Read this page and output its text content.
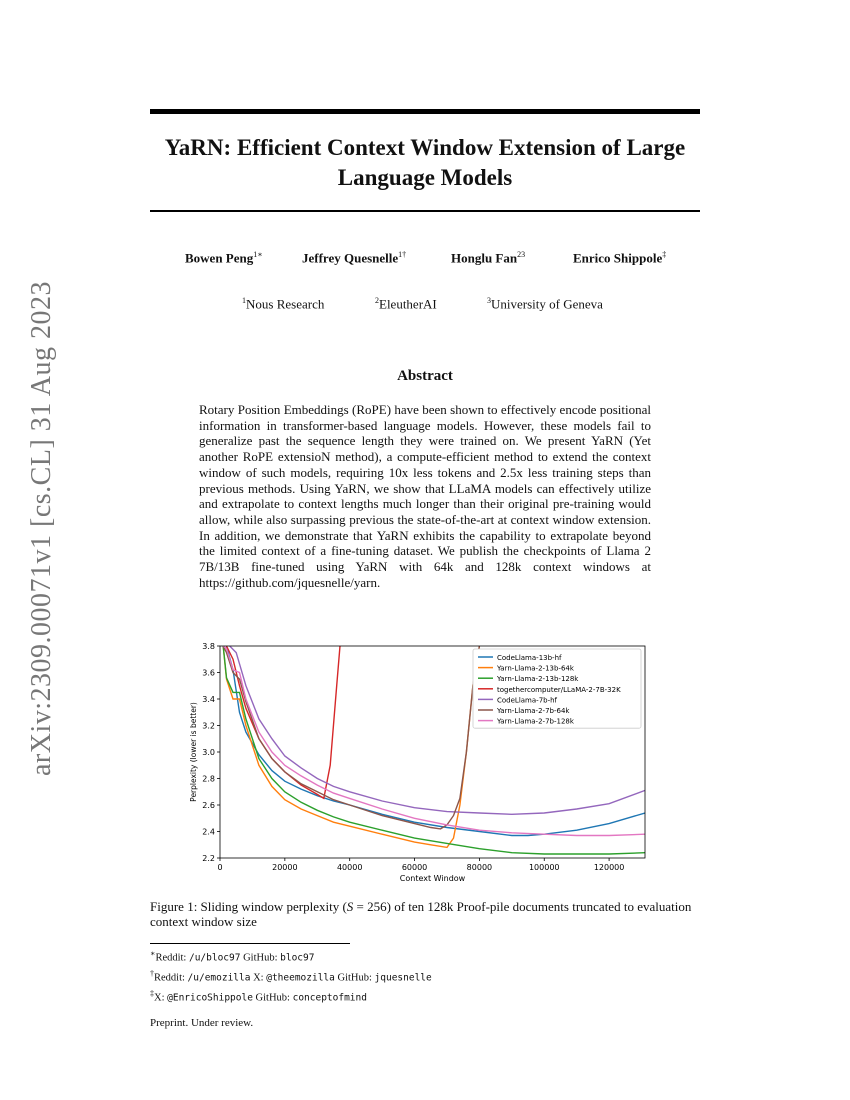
arXiv:2309.00071v1 [cs.CL] 31 Aug 2023
YaRN: Efficient Context Window Extension of Large
Language Models
Bowen Peng$^{1∗}$	Jeffrey Quesnelle$^{1\dagger}$	Honglu Fan$^{23}$	Enrico Shippole‡
$^1$Nous Research	$^2$EleutherAI	$^3$University of Geneva
Abstract
Rotary Position Embeddings (RoPE) have been shown to effectively encode positional information in transformer-based language models. However, these models fail to generalize past the sequence length they were trained on. We present YaRN (Yet another RoPE extensioN method), a compute-efficient method to extend the context window of such models, requiring 10x less tokens and 2.5x less training steps than previous methods. Using YaRN, we show that LLaMA models can effectively utilize and extrapolate to context lengths much longer than their original pre-training would allow, while also surpassing previous the state-of-the-art at context window extension. In addition, we demonstrate that YaRN exhibits the capability to extrapolate beyond the limited context of a fine-tuning dataset. We publish the checkpoints of Llama 2 7B/13B fine-tuned using YaRN with 64k and 128k context windows at https://github.com/jquesnelle/yarn.
0	20000	40000	60000	80000	100000	120000
2.2
2.4
2.6
2.8
3.0
3.2
3.4
3.6
3.8
Context Window
Perplexity (lower is better)
CodeLlama-13b-hf
Yarn-Llama-2-13b-64k
Yarn-Llama-2-13b-128k
togethercomputer/LLaMA-2-7B-32K
CodeLlama-7b-hf
Yarn-Llama-2-7b-64k
Yarn-Llama-2-7b-128k
Figure 1: Sliding window perplexity (S = 256) of ten 128k Proof-pile documents truncated to evaluation context window size
∗Reddit: /u/bloc97 GitHub: bloc97
†Reddit: /u/emozilla X: @theemozilla GitHub: jquesnelle
‡X: @EnricoShippole GitHub: conceptofmind
Preprint. Under review.
